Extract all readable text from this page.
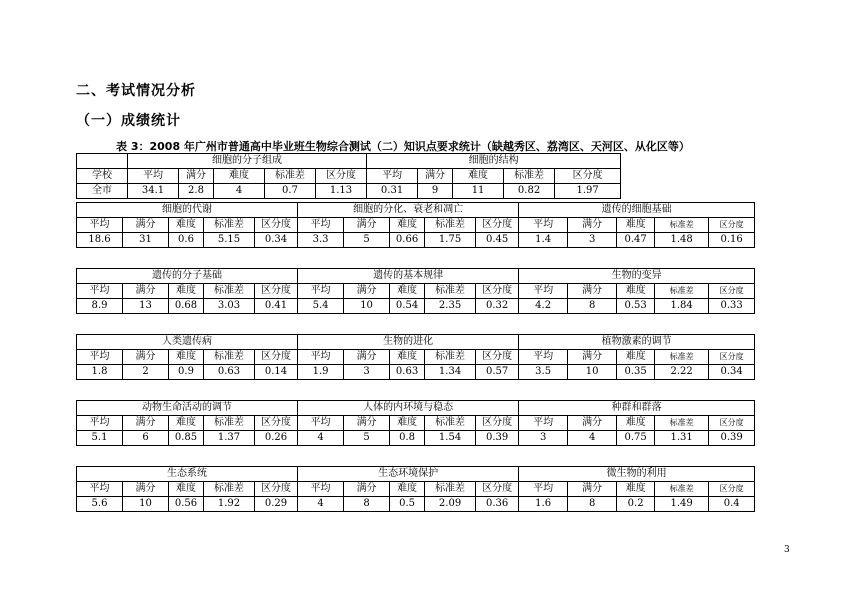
二、考试情况分析
（一）成绩统计
表 3：2008 年广州市普通高中毕业班生物综合测试（二）知识点要求统计（缺越秀区、荔湾区、天河区、从化区等）
	细胞的分子组成					细胞的结构					
学校	平均	满分	难度	标准差	区分度	平均	满分	难度	标准差	区分度	
全市	34.1	2.8	4	0.7	1.13	0.31	9	11	0.82	1.97	
细胞的代谢					细胞的分化、衰老和凋亡					遗传的细胞基础				
平均	满分	难度	标准差	区分度	平均	满分	难度	标准差	区分度	平均	满分	难度	标准差	区分度
18.6	31	0.6	5.15	0.34	3.3	5	0.66	1.75	0.45	1.4	3	0.47	1.48	0.16
遗传的分子基础					遗传的基本规律					生物的变异				
平均	满分	难度	标准差	区分度	平均	满分	难度	标准差	区分度	平均	满分	难度	标准差	区分度
8.9	13	0.68	3.03	0.41	5.4	10	0.54	2.35	0.32	4.2	8	0.53	1.84	0.33
人类遗传病					生物的进化					植物激素的调节				
平均	满分	难度	标准差	区分度	平均	满分	难度	标准差	区分度	平均	满分	难度	标准差	区分度
1.8	2	0.9	0.63	0.14	1.9	3	0.63	1.34	0.57	3.5	10	0.35	2.22	0.34
动物生命活动的调节					人体的内环境与稳态					种群和群落				
平均	满分	难度	标准差	区分度	平均	满分	难度	标准差	区分度	平均	满分	难度	标准差	区分度
5.1	6	0.85	1.37	0.26	4	5	0.8	1.54	0.39	3	4	0.75	1.31	0.39
生态系统					生态环境保护					微生物的利用				
平均	满分	难度	标准差	区分度	平均	满分	难度	标准差	区分度	平均	满分	难度	标准差	区分度
5.6	10	0.56	1.92	0.29	4	8	0.5	2.09	0.36	1.6	8	0.2	1.49	0.4
3
